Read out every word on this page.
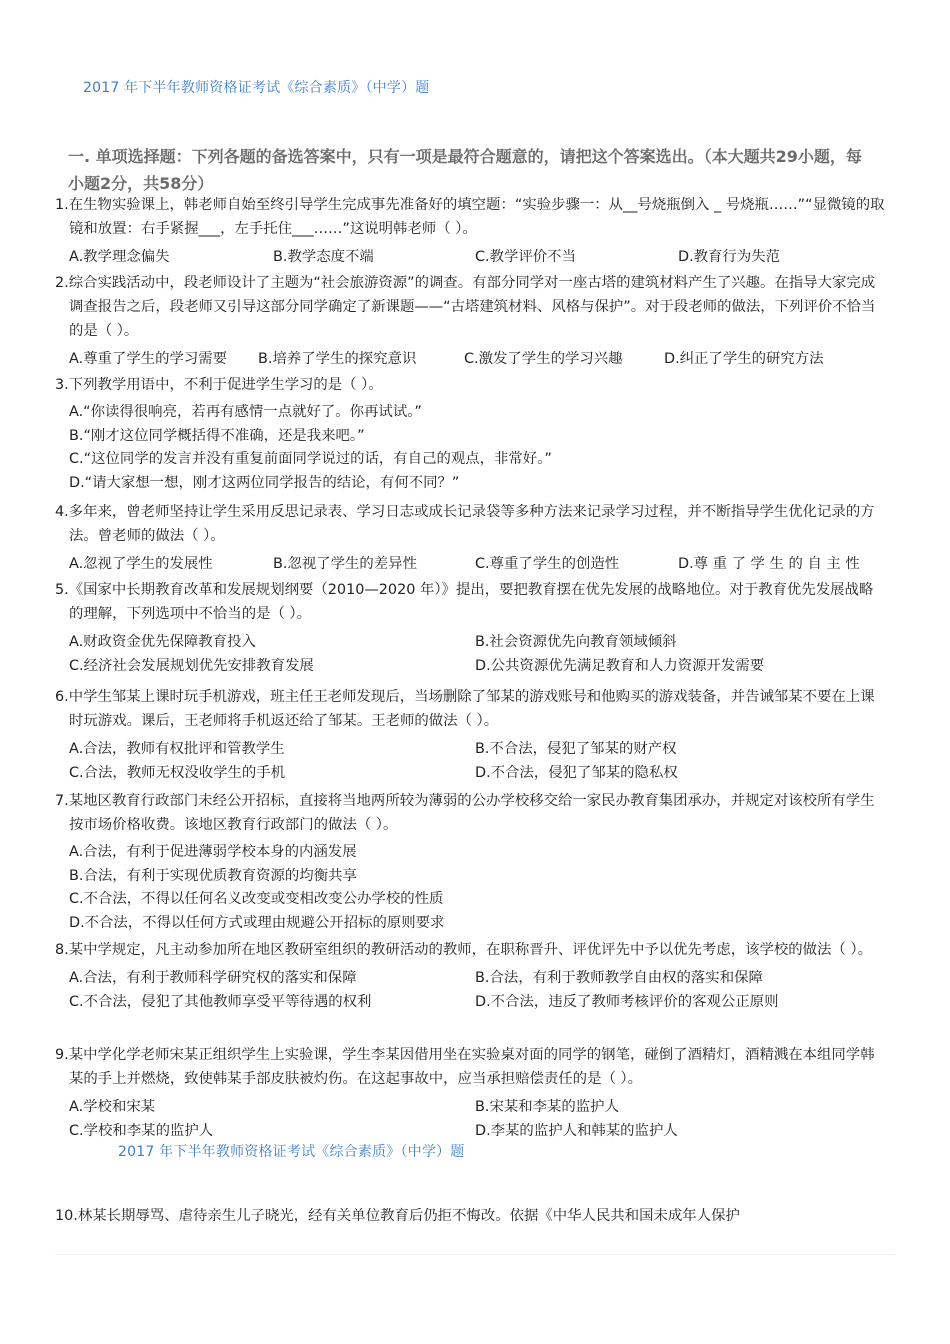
2017 年下半年教师资格证考试《综合素质》（中学）题
一. 单项选择题：下列各题的备选答案中，只有一项是最符合题意的，请把这个答案选出。（本大题共29小题，每小题2分，共58分）
1.在生物实验课上，韩老师自始至终引导学生完成事先准备好的填空题：“实验步骤一：从__号烧瓶倒入 _ 号烧瓶……”“显微镜的取镜和放置：右手紧握___，左手托住___……”这说明韩老师（ ）。
A.教学理念偏失	B.教学态度不端	C.教学评价不当	D.教育行为失范
2.综合实践活动中，段老师设计了主题为“社会旅游资源”的调查。有部分同学对一座古塔的建筑材料产生了兴趣。在指导大家完成调查报告之后，段老师又引导这部分同学确定了新课题——“古塔建筑材料、风格与保护”。对于段老师的做法，下列评价不恰当的是（ ）。
A.尊重了学生的学习需要 B.培养了学生的探究意识	C.激发了学生的学习兴趣	D.纠正了学生的研究方法
3.下列教学用语中，不利于促进学生学习的是（ ）。
A.“你读得很响亮，若再有感情一点就好了。你再试试。”
B.“刚才这位同学概括得不准确，还是我来吧。”
C.“这位同学的发言并没有重复前面同学说过的话，有自己的观点，非常好。”
D.“请大家想一想，刚才这两位同学报告的结论，有何不同？”
4.多年来，曾老师坚持让学生采用反思记录表、学习日志或成长记录袋等多种方法来记录学习过程，并不断指导学生优化记录的方法。曾老师的做法（ ）。
A.忽视了学生的发展性	B.忽视了学生的差异性	C.尊重了学生的创造性	D.尊 重 了 学 生 的 自 主 性
5.《国家中长期教育改革和发展规划纲要（2010—2020 年）》提出，要把教育摆在优先发展的战略地位。对于教育优先发展战略的理解，下列选项中不恰当的是（ ）。
A.财政资金优先保障教育投入	B.社会资源优先向教育领域倾斜
C.经济社会发展规划优先安排教育发展	D.公共资源优先满足教育和人力资源开发需要
6.中学生邹某上课时玩手机游戏，班主任王老师发现后，当场删除了邹某的游戏账号和他购买的游戏装备，并告诫邹某不要在上课时玩游戏。课后，王老师将手机返还给了邹某。王老师的做法（ ）。
A.合法，教师有权批评和管教学生	B.不合法，侵犯了邹某的财产权
C.合法，教师无权没收学生的手机	D.不合法，侵犯了邹某的隐私权
7.某地区教育行政部门未经公开招标，直接将当地两所较为薄弱的公办学校移交给一家民办教育集团承办，并规定对该校所有学生按市场价格收费。该地区教育行政部门的做法（ ）。
A.合法，有利于促进薄弱学校本身的内涵发展
B.合法，有利于实现优质教育资源的均衡共享
C.不合法，不得以任何名义改变或变相改变公办学校的性质
D.不合法，不得以任何方式或理由规避公开招标的原则要求
8.某中学规定，凡主动参加所在地区教研室组织的教研活动的教师，在职称晋升、评优评先中予以优先考虑，该学校的做法（ ）。
A.合法，有利于教师科学研究权的落实和保障	B.合法，有利于教师教学自由权的落实和保障
C.不合法，侵犯了其他教师享受平等待遇的权利	D.不合法，违反了教师考核评价的客观公正原则
9.某中学化学老师宋某正组织学生上实验课，学生李某因借用坐在实验桌对面的同学的钢笔，碰倒了酒精灯，酒精溅在本组同学韩某的手上并燃烧，致使韩某手部皮肤被灼伤。在这起事故中，应当承担赔偿责任的是（ ）。
A.学校和宋某	B.宋某和李某的监护人
C.学校和李某的监护人	D.李某的监护人和韩某的监护人
2017 年下半年教师资格证考试《综合素质》（中学）题
10.林某长期辱骂、虐待亲生儿子晓光，经有关单位教育后仍拒不悔改。依据《中华人民共和国未成年人保护
